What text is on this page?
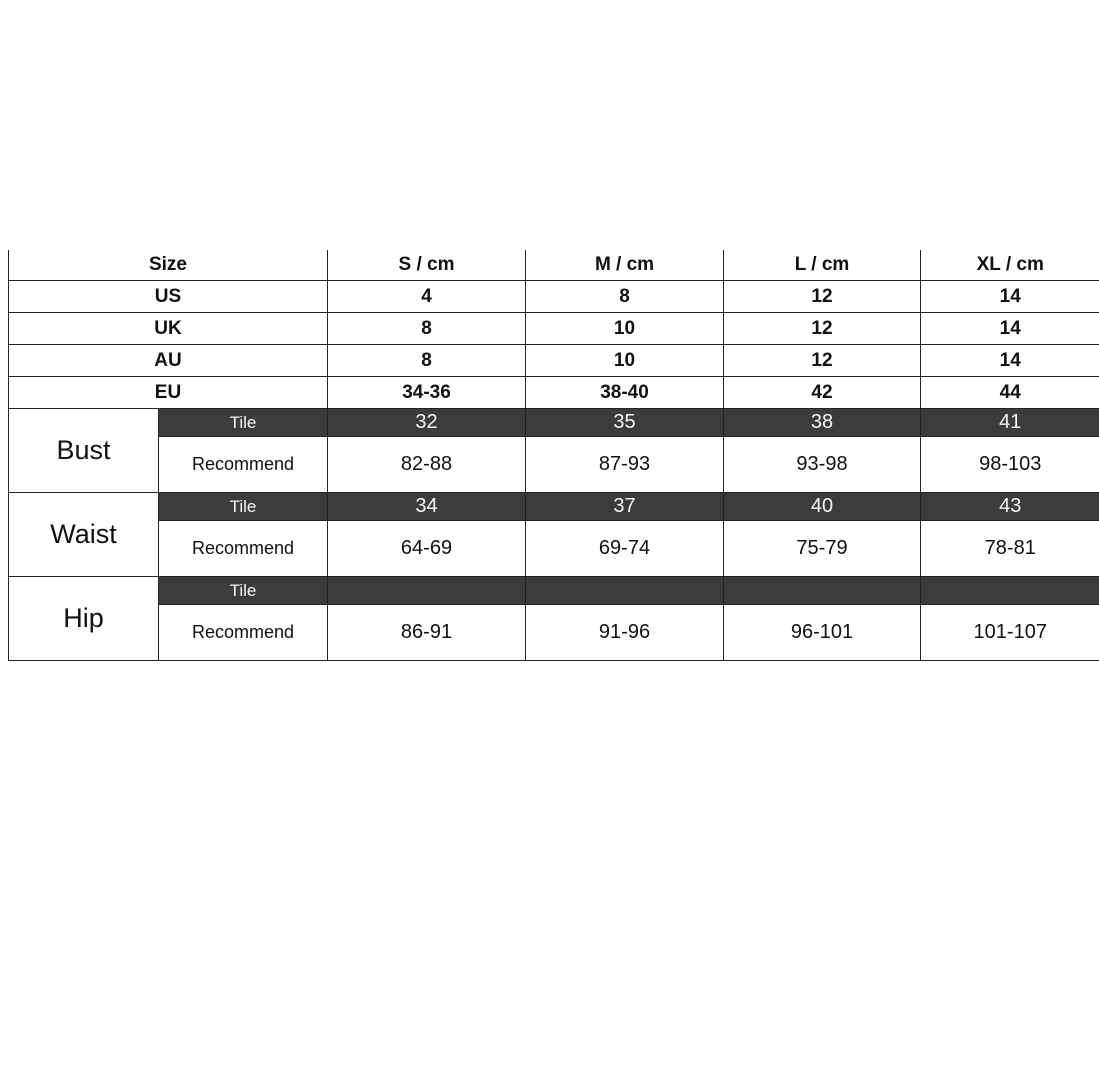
Size		S / cm	M / cm	L / cm	XL / cm
US		4	8	12	14
UK		8	10	12	14
AU		8	10	12	14
EU		34-36	38-40	42	44
Bust	Tile	32	35	38	41
	Recommend	82-88	87-93	93-98	98-103
Waist	Tile	34	37	40	43
	Recommend	64-69	69-74	75-79	78-81
Hip	Tile				
	Recommend	86-91	91-96	96-101	101-107
